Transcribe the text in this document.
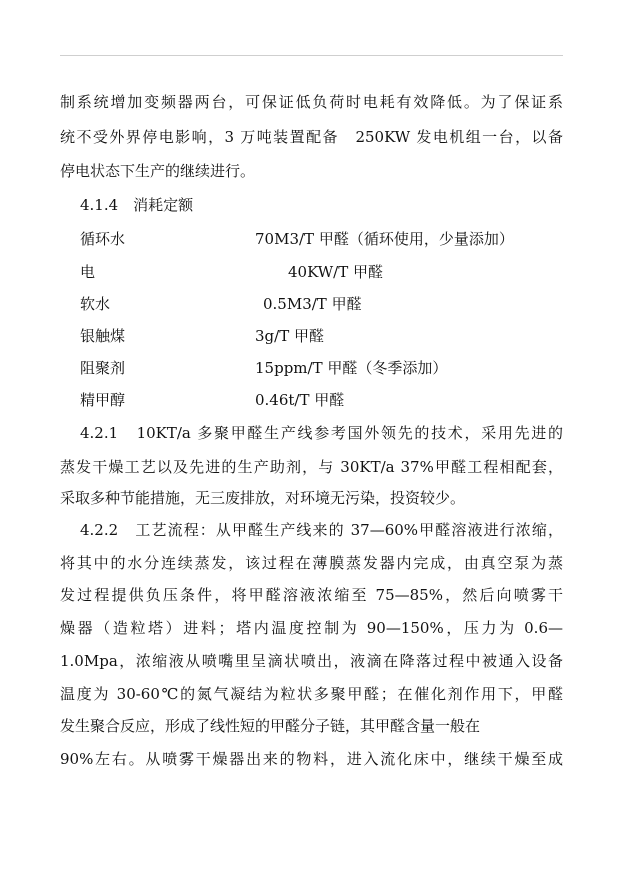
制系统增加变频器两台，可保证低负荷时电耗有效降低。为了保证系
统不受外界停电影响，3 万吨装置配备　250KW 发电机组一台，以备
停电状态下生产的继续进行。
4.1.4　消耗定额
循环水	70M3/T 甲醛（循环使用，少量添加）
电	40KW/T 甲醛
软水	0.5M3/T 甲醛
银触煤	3g/T 甲醛
阻聚剂	15ppm/T 甲醛（冬季添加）
精甲醇	0.46t/T 甲醛
4.2.1　10KT/a 多聚甲醛生产线参考国外领先的技术，采用先进的
蒸发干燥工艺以及先进的生产助剂，与 30KT/a 37%甲醛工程相配套，
采取多种节能措施，无三废排放，对环境无污染，投资较少。
4.2.2　工艺流程：从甲醛生产线来的 37—60%甲醛溶液进行浓缩，
将其中的水分连续蒸发，该过程在薄膜蒸发器内完成，由真空泵为蒸
发过程提供负压条件，将甲醛溶液浓缩至 75—85%，然后向喷雾干
燥器（造粒塔）进料；塔内温度控制为 90—150%，压力为 0.6—
1.0Mpa，浓缩液从喷嘴里呈滴状喷出，液滴在降落过程中被通入设备
温度为 30-60℃的氮气凝结为粒状多聚甲醛；在催化剂作用下，甲醛
发生聚合反应，形成了线性短的甲醛分子链，其甲醛含量一般在
90%左右。从喷雾干燥器出来的物料，进入流化床中，继续干燥至成
